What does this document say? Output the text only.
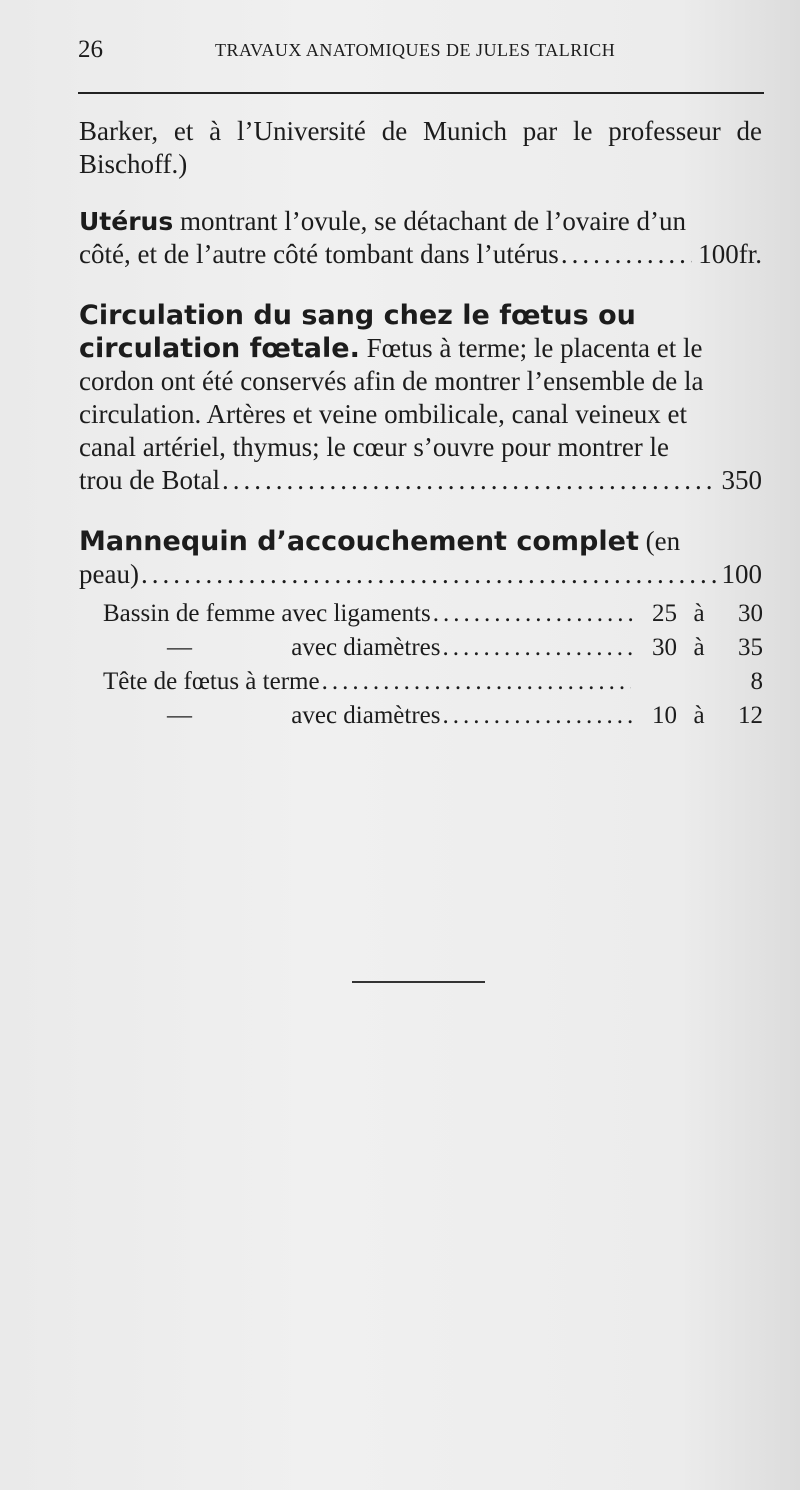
26	TRAVAUX ANATOMIQUES DE JULES TALRICH

Barker, et à l’Université de Munich par le professeur de Bischoff.)

Utérus montrant l’ovule, se détachant de l’ovaire d’un
côté, et de l’autre côté tombant dans l’utérus .....	100fr.
Circulation du sang chez le fœtus ou
circulation fœtale. Fœtus à terme; le placenta et le
cordon ont été conservés afin de montrer l’ensemble de la
circulation. Artères et veine ombilicale, canal veineux et
canal artériel, thymus; le cœur s’ouvre pour montrer le
trou de Botal .....	350
Mannequin d’accouchement complet (en
peau) .....	100
Bassin de femme avec ligaments .....	25 à	30
—	avec diamètres .....	30 à	35
Tête de fœtus à terme .....	8
—	avec diamètres .....	10 à	12
